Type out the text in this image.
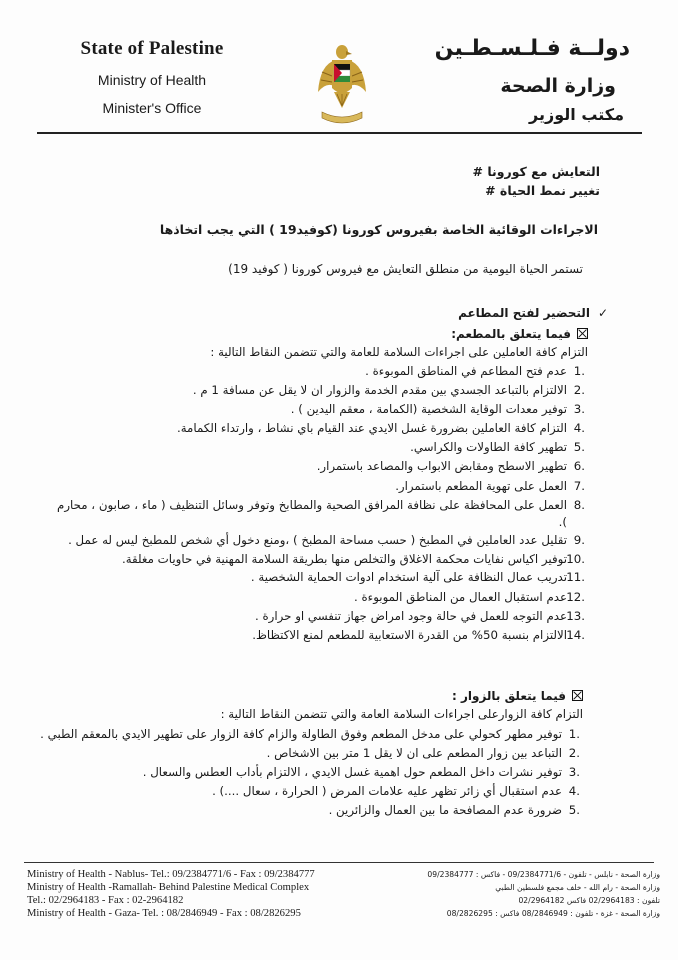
State of Palestine
Ministry of Health
Minister's Office
دولــة فـلـسـطـين
وزارة الصحة
مكتب الوزير
التعايش مع كورونا #
تغيير نمط الحياة #
الاجراءات الوقائية الخاصة بفيروس كورونا (كوفيد19 ) التي يجب اتخاذها
تستمر الحياة اليومية من منطلق التعايش مع فيروس كورونا ( كوفيد 19)
✓التحضير لفتح المطاعم
فيما يتعلق بالمطعم:
التزام كافة العاملين على اجراءات السلامة للعامة والتي تتضمن النقاط التالية :
1.
عدم فتح المطاعم في المناطق الموبوءة .
2.
الالتزام بالتباعد الجسدي بين مقدم الخدمة والزوار ان لا يقل عن مسافة 1 م .
3.
توفير معدات الوقاية الشخصية (الكمامة ، معقم اليدين ) .
4.
التزام كافة العاملين بضرورة غسل الايدي عند القيام باي نشاط ، وارتداء الكمامة.
5.
تطهير كافة الطاولات والكراسي.
6.
تطهير الاسطح ومقابض الابواب والمصاعد باستمرار.
7.
العمل على تهوية المطعم باستمرار.
8.
العمل على المحافظة على نظافة المرافق الصحية والمطابخ وتوفر وسائل التنظيف ( ماء ، صابون ، محارم ).
9.
تقليل عدد العاملين في المطبخ ( حسب مساحة المطبخ ) ،ومنع دخول أي شخص للمطبخ ليس له عمل .
10.
توفير اكياس نفايات محكمة الاغلاق والتخلص منها بطريقة السلامة المهنية في حاويات مغلقة.
11.
تدريب عمال النظافة على آلية استخدام ادوات الحماية الشخصية .
12.
عدم استقبال العمال من المناطق الموبوءة .
13.
عدم التوجه للعمل في حالة وجود امراض جهاز تنفسي او حرارة .
14.
الالتزام بنسبة 50% من القدرة الاستعابية للمطعم لمنع الاكتظاظ.
فيما يتعلق بالزوار :
التزام كافة الزوارعلى اجراءات السلامة العامة والتي تتضمن النقاط التالية :
1.
توفير مطهر كحولي على مدخل المطعم وفوق الطاولة والزام كافة الزوار على تطهير الايدي بالمعقم الطبي .
2.
التباعد بين زوار المطعم على ان لا يقل 1 متر بين الاشخاص .
3.
توفير نشرات داخل المطعم حول اهمية غسل الايدي ، الالتزام بأداب العطس والسعال .
4.
عدم استقبال أي زائر تظهر عليه علامات المرض ( الحرارة ، سعال ....) .
5.
ضرورة عدم المصافحة ما بين العمال والزائرين .
Ministry of Health - Nablus- Tel.: 09/2384771/6 - Fax : 09/2384777
Ministry of Health -Ramallah- Behind Palestine Medical Complex
Tel.: 02/2964183 - Fax : 02-2964182
Ministry of Health - Gaza- Tel. : 08/2846949 - Fax : 08/2826295
وزارة الصحة - نابلس - تلفون - 09/2384771/6 - فاكس : 09/2384777
وزارة الصحة - رام الله - خلف مجمع فلسطين الطبي
تلفون : 02/2964183 فاكس 02/2964182
وزارة الصحة - غزة - تلفون : 08/2846949 فاكس : 08/2826295
